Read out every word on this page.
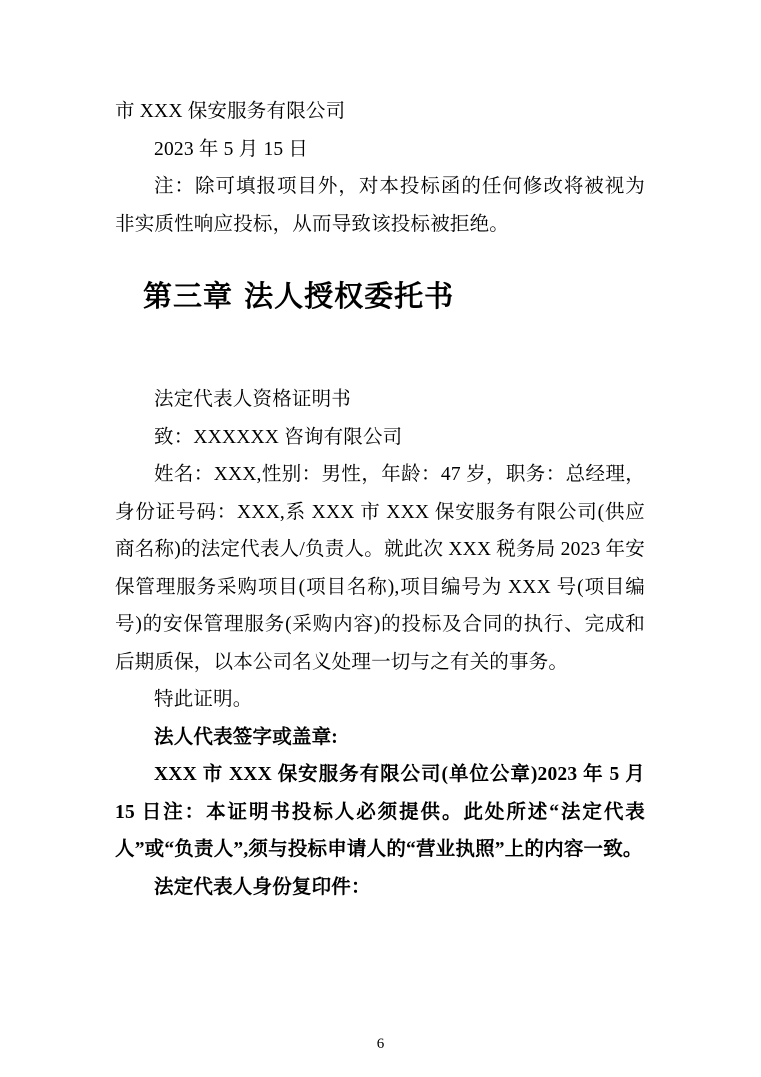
市 XXX 保安服务有限公司

2023 年 5 月 15 日

注：除可填报项目外，对本投标函的任何修改将被视为非实质性响应投标，从而导致该投标被拒绝。

第三章 法人授权委托书

法定代表人资格证明书

致：XXXXXX 咨询有限公司

姓名：XXX,性别：男性，年龄：47 岁，职务：总经理，身份证号码：XXX,系 XXX 市 XXX 保安服务有限公司(供应商名称)的法定代表人/负责人。就此次 XXX 税务局 2023 年安保管理服务采购项目(项目名称),项目编号为 XXX 号(项目编号)的安保管理服务(采购内容)的投标及合同的执行、完成和后期质保，以本公司名义处理一切与之有关的事务。

特此证明。

法人代表签字或盖章:

XXX 市 XXX 保安服务有限公司(单位公章)2023 年 5 月 15 日注：本证明书投标人必须提供。此处所述“法定代表人”或“负责人”,须与投标申请人的“营业执照”上的内容一致。

法定代表人身份复印件：

6
